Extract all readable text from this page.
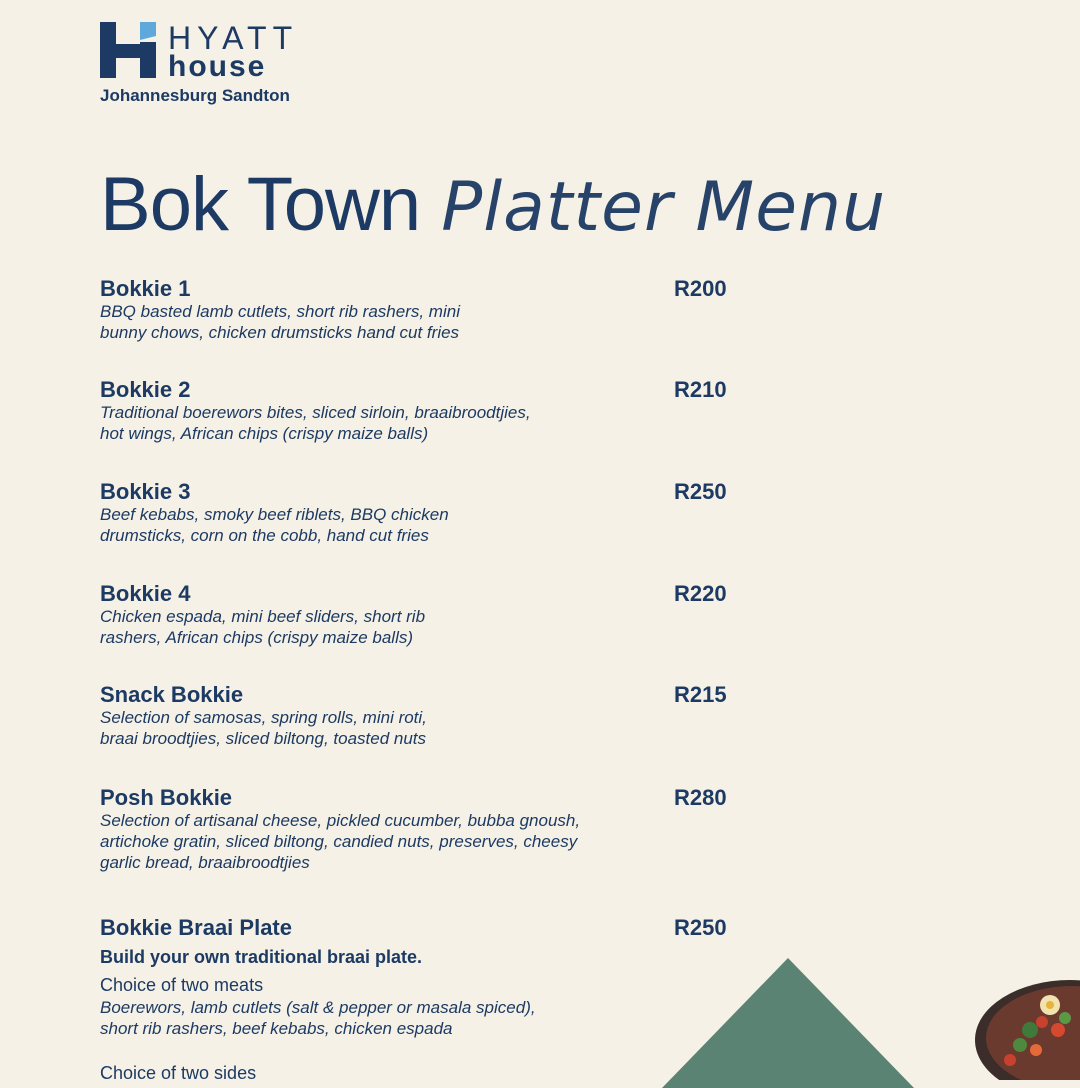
HYATT
house
Johannesburg Sandton
Bok Town Platter Menu
Bokkie 1	R200
BBQ basted lamb cutlets, short rib rashers, mini
bunny chows, chicken drumsticks hand cut fries
Bokkie 2	R210
Traditional boerewors bites, sliced sirloin, braaibroodtjies,
hot wings, African chips (crispy maize balls)
Bokkie 3	R250
Beef kebabs, smoky beef riblets, BBQ chicken
drumsticks, corn on the cobb, hand cut fries
Bokkie 4	R220
Chicken espada, mini beef sliders, short rib
rashers, African chips (crispy maize balls)
Snack Bokkie	R215
Selection of samosas, spring rolls, mini roti,
braai broodtjies, sliced biltong, toasted nuts
Posh Bokkie	R280
Selection of artisanal cheese, pickled cucumber, bubba gnoush,
artichoke gratin, sliced biltong, candied nuts, preserves, cheesy
garlic bread, braaibroodtjies
Bokkie Braai Plate	R250
Build your own traditional braai plate.
Choice of two meats
Boerewors, lamb cutlets (salt & pepper or masala spiced),
short rib rashers, beef kebabs, chicken espada
Choice of two sides
